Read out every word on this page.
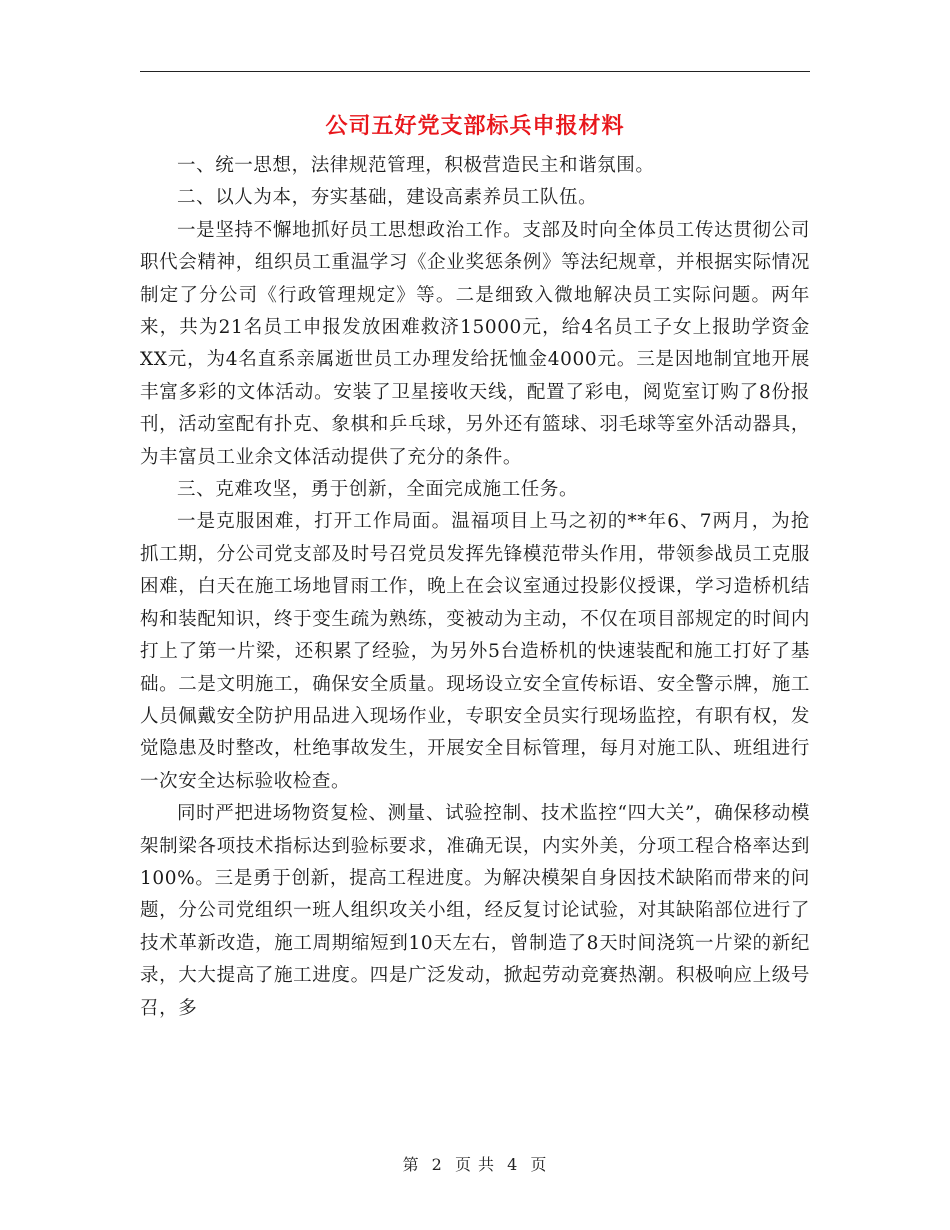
公司五好党支部标兵申报材料

一、统一思想，法律规范管理，积极营造民主和谐氛围。

二、以人为本，夯实基础，建设高素养员工队伍。

一是坚持不懈地抓好员工思想政治工作。支部及时向全体员工传达贯彻公司职代会精神，组织员工重温学习《企业奖惩条例》等法纪规章，并根据实际情况制定了分公司《行政管理规定》等。二是细致入微地解决员工实际问题。两年来，共为21名员工申报发放困难救济15000元，给4名员工子女上报助学资金XX元，为4名直系亲属逝世员工办理发给抚恤金4000元。三是因地制宜地开展丰富多彩的文体活动。安装了卫星接收天线，配置了彩电，阅览室订购了8份报刊，活动室配有扑克、象棋和乒乓球，另外还有篮球、羽毛球等室外活动器具，为丰富员工业余文体活动提供了充分的条件。

三、克难攻坚，勇于创新，全面完成施工任务。

一是克服困难，打开工作局面。温福项目上马之初的**年6、7两月，为抢抓工期，分公司党支部及时号召党员发挥先锋模范带头作用，带领参战员工克服困难，白天在施工场地冒雨工作，晚上在会议室通过投影仪授课，学习造桥机结构和装配知识，终于变生疏为熟练，变被动为主动，不仅在项目部规定的时间内打上了第一片梁，还积累了经验，为另外5台造桥机的快速装配和施工打好了基础。二是文明施工，确保安全质量。现场设立安全宣传标语、安全警示牌，施工人员佩戴安全防护用品进入现场作业，专职安全员实行现场监控，有职有权，发觉隐患及时整改，杜绝事故发生，开展安全目标管理，每月对施工队、班组进行一次安全达标验收检查。

同时严把进场物资复检、测量、试验控制、技术监控“四大关”，确保移动模架制梁各项技术指标达到验标要求，准确无误，内实外美，分项工程合格率达到100%。三是勇于创新，提高工程进度。为解决模架自身因技术缺陷而带来的问题，分公司党组织一班人组织攻关小组，经反复讨论试验，对其缺陷部位进行了技术革新改造，施工周期缩短到10天左右，曾制造了8天时间浇筑一片梁的新纪录，大大提高了施工进度。四是广泛发动，掀起劳动竞赛热潮。积极响应上级号召，多

第 2 页 共 4 页
